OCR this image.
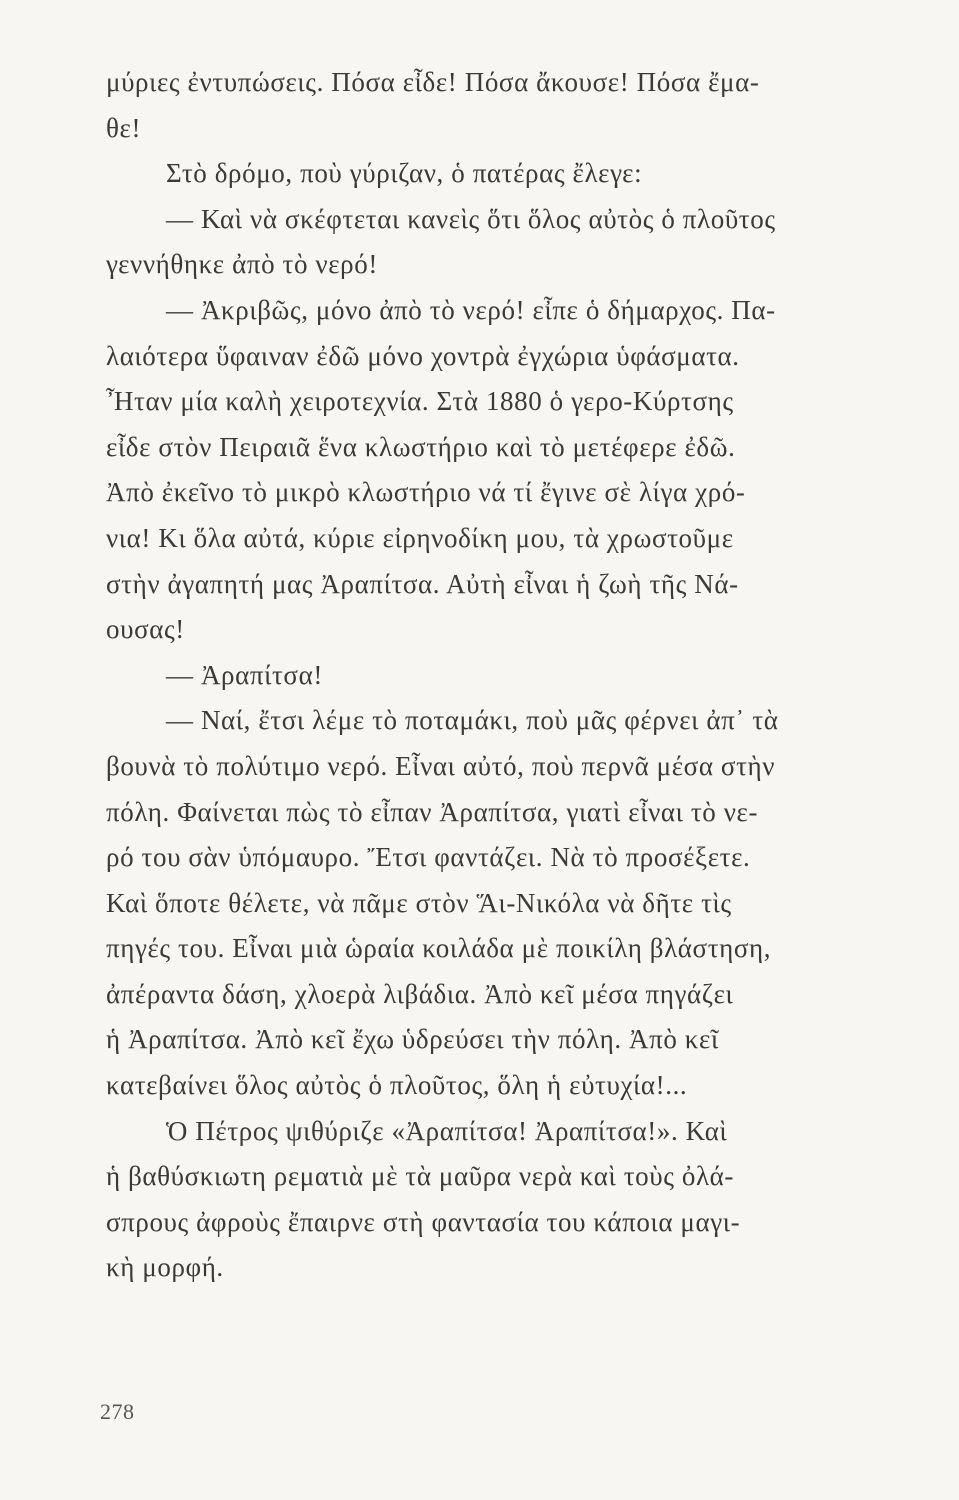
μύριες ἐντυπώσεις. Πόσα εἶδε! Πόσα ἄκουσε! Πόσα ἔμα-
θε!
Στὸ δρόμο, ποὺ γύριζαν, ὁ πατέρας ἔλεγε:
— Καὶ νὰ σκέφτεται κανεὶς ὅτι ὅλος αὐτὸς ὁ πλοῦτος
γεννήθηκε ἀπὸ τὸ νερό!
— Ἀκριβῶς, μόνο ἀπὸ τὸ νερό! εἶπε ὁ δήμαρχος. Πα-
λαιότερα ὕφαιναν ἐδῶ μόνο χοντρὰ ἐγχώρια ὑφάσματα.
Ἦταν μία καλὴ χειροτεχνία. Στὰ 1880 ὁ γερο-Κύρτσης
εἶδε στὸν Πειραιᾶ ἕνα κλωστήριο καὶ τὸ μετέφερε ἐδῶ.
Ἀπὸ ἐκεῖνο τὸ μικρὸ κλωστήριο νά τί ἔγινε σὲ λίγα χρό-
νια! Κι ὅλα αὐτά, κύριε εἰρηνοδίκη μου, τὰ χρωστοῦμε
στὴν ἀγαπητή μας Ἀραπίτσα. Αὐτὴ εἶναι ἡ ζωὴ τῆς Νά-
ουσας!
— Ἀραπίτσα!
— Ναί, ἔτσι λέμε τὸ ποταμάκι, ποὺ μᾶς φέρνει ἀπ᾽ τὰ
βουνὰ τὸ πολύτιμο νερό. Εἶναι αὐτό, ποὺ περνᾶ μέσα στὴν
πόλη. Φαίνεται πὼς τὸ εἶπαν Ἀραπίτσα, γιατὶ εἶναι τὸ νε-
ρό του σὰν ὑπόμαυρο. Ἔτσι φαντάζει. Νὰ τὸ προσέξετε.
Καὶ ὅποτε θέλετε, νὰ πᾶμε στὸν Ἅι-Νικόλα νὰ δῆτε τὶς
πηγές του. Εἶναι μιὰ ὡραία κοιλάδα μὲ ποικίλη βλάστηση,
ἀπέραντα δάση, χλοερὰ λιβάδια. Ἀπὸ κεῖ μέσα πηγάζει
ἡ Ἀραπίτσα. Ἀπὸ κεῖ ἔχω ὑδρεύσει τὴν πόλη. Ἀπὸ κεῖ
κατεβαίνει ὅλος αὐτὸς ὁ πλοῦτος, ὅλη ἡ εὐτυχία!...
Ὁ Πέτρος ψιθύριζε «Ἀραπίτσα! Ἀραπίτσα!». Καὶ
ἡ βαθύσκιωτη ρεματιὰ μὲ τὰ μαῦρα νερὰ καὶ τοὺς ὀλά-
σπρους ἀφροὺς ἔπαιρνε στὴ φαντασία του κάποια μαγι-
κὴ μορφή.
278
